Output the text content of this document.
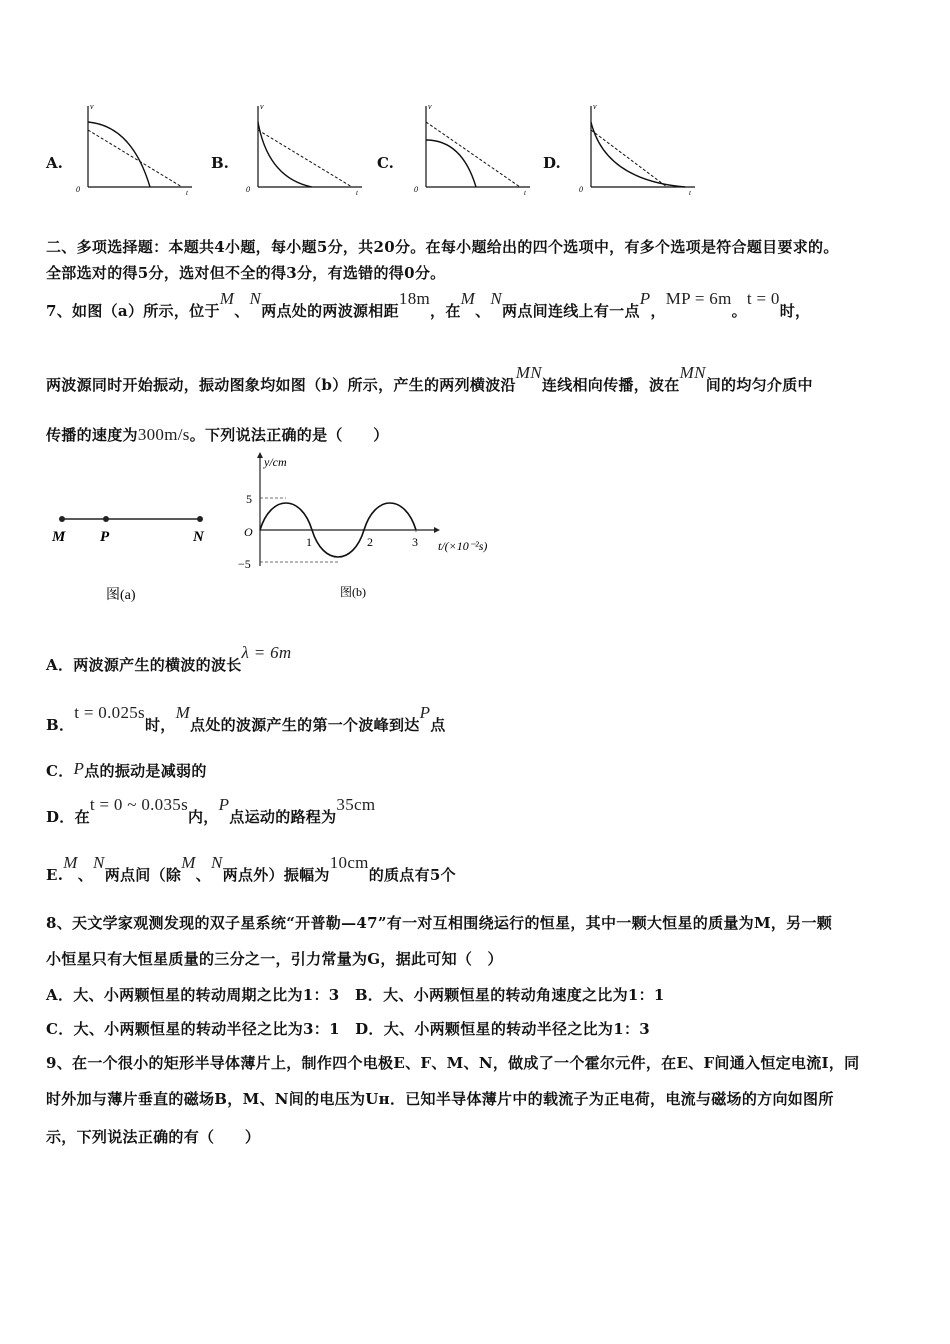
A.
v
t
0
B.
v
t
0
C.
v
t
0
D.
v
t
0
二、多项选择题：本题共4小题，每小题5分，共20分。在每小题给出的四个选项中，有多个选项是符合题目要求的。
全部选对的得5分，选对但不全的得3分，有选错的得0分。
7、如图（a）所示，位于M、N两点处的两波源相距18m，在M、N两点间连线上有一点P，MP = 6m。t = 0时，
两波源同时开始振动，振动图象均如图（b）所示，产生的两列横波沿MN连线相向传播，波在MN间的均匀介质中
传播的速度为300m/s。下列说法正确的是（　　）
M P	N
图(a)
y/cm
t/(×10⁻²s)
O
5
−5
1	2	3
图(b)
A．两波源产生的横波的波长λ = 6m
B．t = 0.025s时，M点处的波源产生的第一个波峰到达P点
C．P点的振动是减弱的
D．在t = 0 ~ 0.035s内，P点运动的路程为35cm
E.M、N两点间（除M、N两点外）振幅为10cm的质点有5个
8、天文学家观测发现的双子星系统“开普勒—47”有一对互相围绕运行的恒星，其中一颗大恒星的质量为M，另一颗
小恒星只有大恒星质量的三分之一，引力常量为G，据此可知（　）
A．大、小两颗恒星的转动周期之比为1：3　B．大、小两颗恒星的转动角速度之比为1：1
C．大、小两颗恒星的转动半径之比为3：1　D．大、小两颗恒星的转动半径之比为1：3
9、在一个很小的矩形半导体薄片上，制作四个电极E、F、M、N，做成了一个霍尔元件，在E、F间通入恒定电流I，同
时外加与薄片垂直的磁场B，M、N间的电压为Uн．已知半导体薄片中的载流子为正电荷，电流与磁场的方向如图所
示，下列说法正确的有（　　）
